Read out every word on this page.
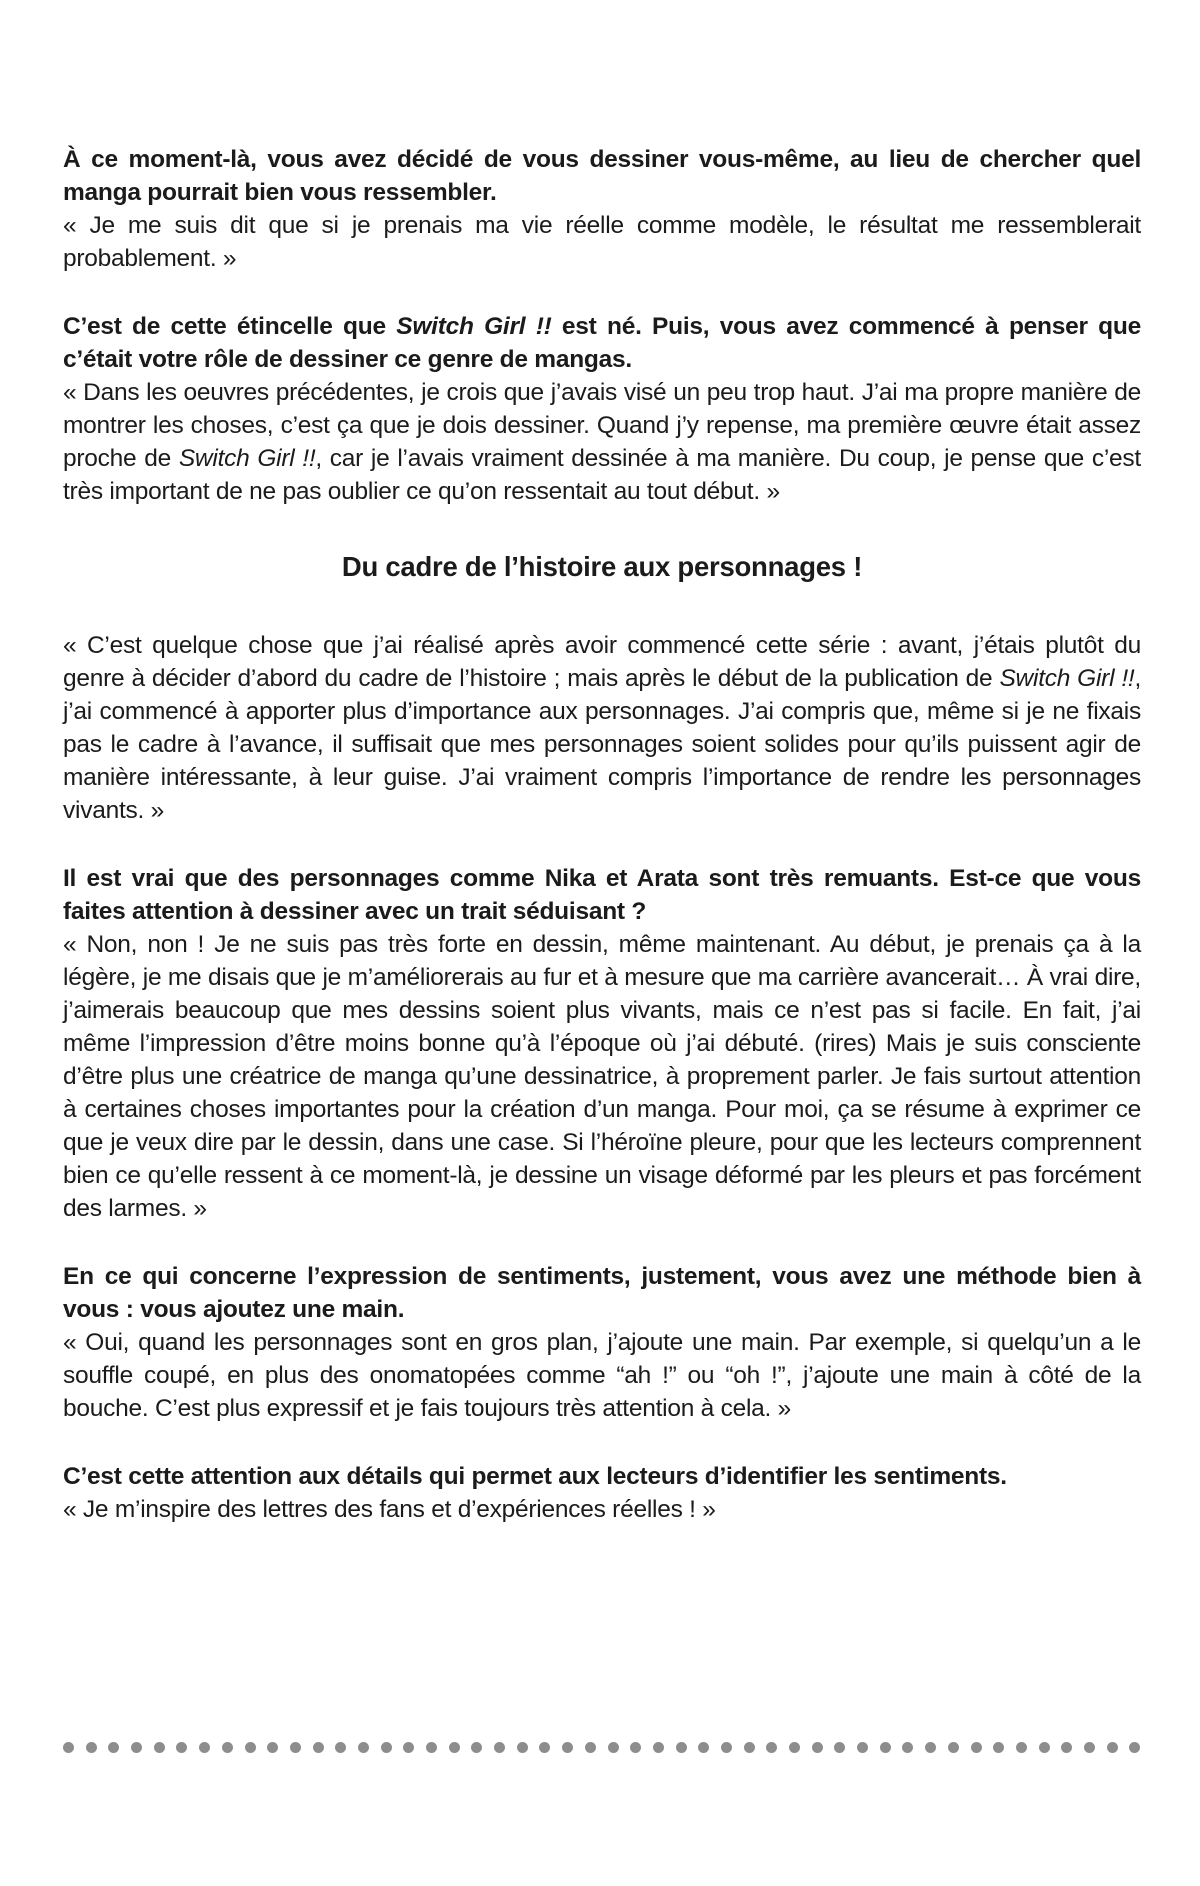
À ce moment-là, vous avez décidé de vous dessiner vous-même, au lieu de chercher quel manga pourrait bien vous ressembler.

« Je me suis dit que si je prenais ma vie réelle comme modèle, le résultat me ressemblerait probablement. »

C’est de cette étincelle que Switch Girl !! est né. Puis, vous avez commencé à penser que c’était votre rôle de dessiner ce genre de mangas.

« Dans les oeuvres précédentes, je crois que j’avais visé un peu trop haut. J’ai ma propre manière de montrer les choses, c’est ça que je dois dessiner. Quand j’y repense, ma première œuvre était assez proche de Switch Girl !!, car je l’avais vraiment dessinée à ma manière. Du coup, je pense que c’est très important de ne pas oublier ce qu’on ressentait au tout début. »

Du cadre de l’histoire aux personnages !

« C’est quelque chose que j’ai réalisé après avoir commencé cette série : avant, j’étais plutôt du genre à décider d’abord du cadre de l’histoire ; mais après le début de la publication de Switch Girl !!, j’ai commencé à apporter plus d’importance aux personnages. J’ai compris que, même si je ne fixais pas le cadre à l’avance, il suffisait que mes personnages soient solides pour qu’ils puissent agir de manière intéressante, à leur guise. J’ai vraiment compris l’importance de rendre les personnages vivants. »

Il est vrai que des personnages comme Nika et Arata sont très remuants. Est-ce que vous faites attention à dessiner avec un trait séduisant ?

« Non, non ! Je ne suis pas très forte en dessin, même maintenant. Au début, je prenais ça à la légère, je me disais que je m’améliorerais au fur et à mesure que ma carrière avancerait… À vrai dire, j’aimerais beaucoup que mes dessins soient plus vivants, mais ce n’est pas si facile. En fait, j’ai même l’impression d’être moins bonne qu’à l’époque où j’ai débuté. (rires) Mais je suis consciente d’être plus une créatrice de manga qu’une dessinatrice, à proprement parler. Je fais surtout attention à certaines choses importantes pour la création d’un manga. Pour moi, ça se résume à exprimer ce que je veux dire par le dessin, dans une case. Si l’héroïne pleure, pour que les lecteurs comprennent bien ce qu’elle ressent à ce moment-là, je dessine un visage déformé par les pleurs et pas forcément des larmes. »

En ce qui concerne l’expression de sentiments, justement, vous avez une méthode bien à vous : vous ajoutez une main.

« Oui, quand les personnages sont en gros plan, j’ajoute une main. Par exemple, si quelqu’un a le souffle coupé, en plus des onomatopées comme “ah !” ou “oh !”, j’ajoute une main à côté de la bouche. C’est plus expressif et je fais toujours très attention à cela. »

C’est cette attention aux détails qui permet aux lecteurs d’identifier les sentiments.

« Je m’inspire des lettres des fans et d’expériences réelles ! »
